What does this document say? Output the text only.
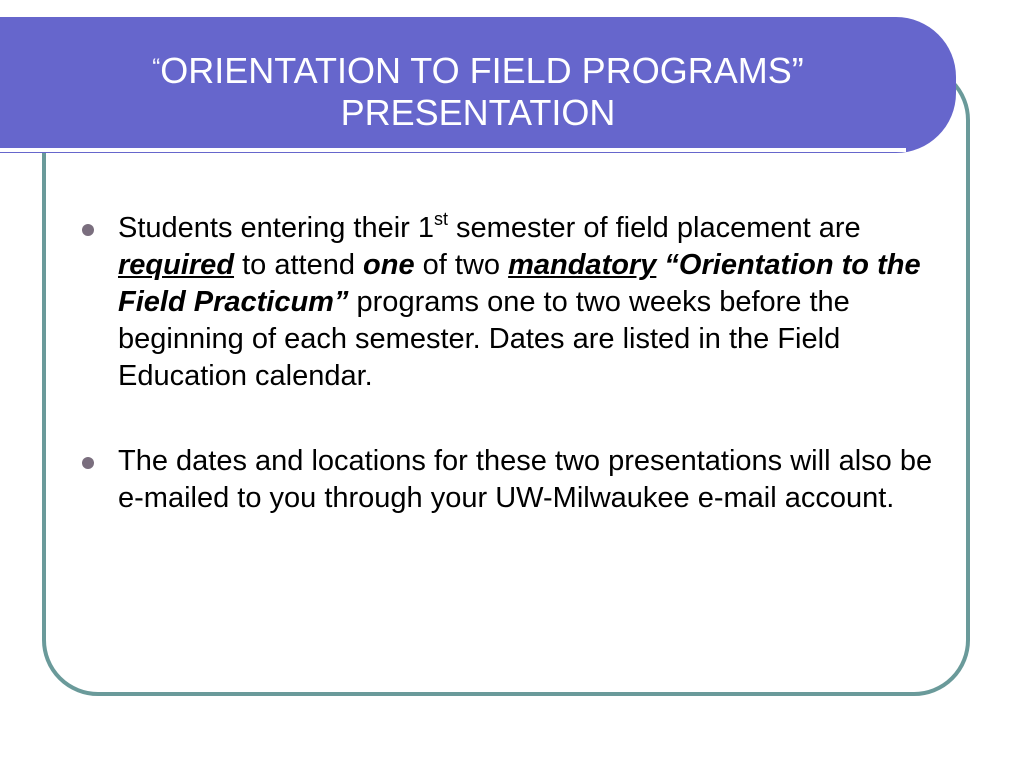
“ORIENTATION TO FIELD PROGRAMS”
PRESENTATION
Students entering their 1st semester of field placement are required to attend one of two mandatory “Orientation to the Field Practicum” programs one to two weeks before the beginning of each semester. Dates are listed in the Field Education calendar.
The dates and locations for these two presentations will also be e-mailed to you through your UW-Milwaukee e-mail account.
